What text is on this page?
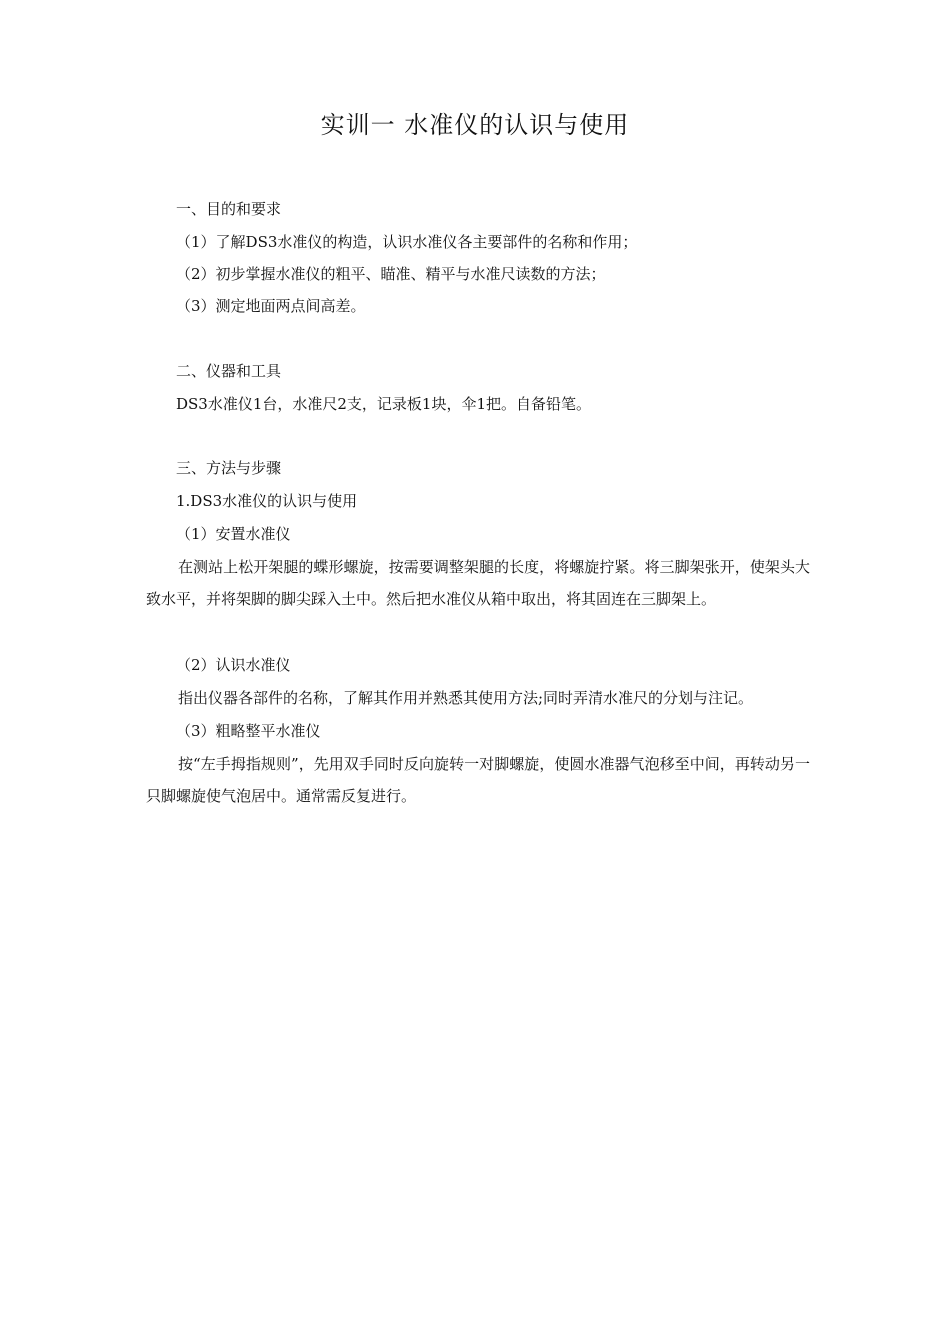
实训一 水准仪的认识与使用
一、目的和要求
（1）了解DS3水准仪的构造，认识水准仪各主要部件的名称和作用；
（2）初步掌握水准仪的粗平、瞄准、精平与水准尺读数的方法；
（3）测定地面两点间高差。
二、仪器和工具
DS3水准仪1台，水准尺2支，记录板1块，伞1把。自备铅笔。
三、方法与步骤
1.DS3水准仪的认识与使用
（1）安置水准仪
在测站上松开架腿的蝶形螺旋，按需要调整架腿的长度，将螺旋拧紧。将三脚架张开，使架头大致水平，并将架脚的脚尖踩入土中。然后把水准仪从箱中取出，将其固连在三脚架上。
（2）认识水准仪
指出仪器各部件的名称，了解其作用并熟悉其使用方法;同时弄清水准尺的分划与注记。
（3）粗略整平水准仪
按“左手拇指规则”，先用双手同时反向旋转一对脚螺旋，使圆水准器气泡移至中间，再转动另一只脚螺旋使气泡居中。通常需反复进行。
